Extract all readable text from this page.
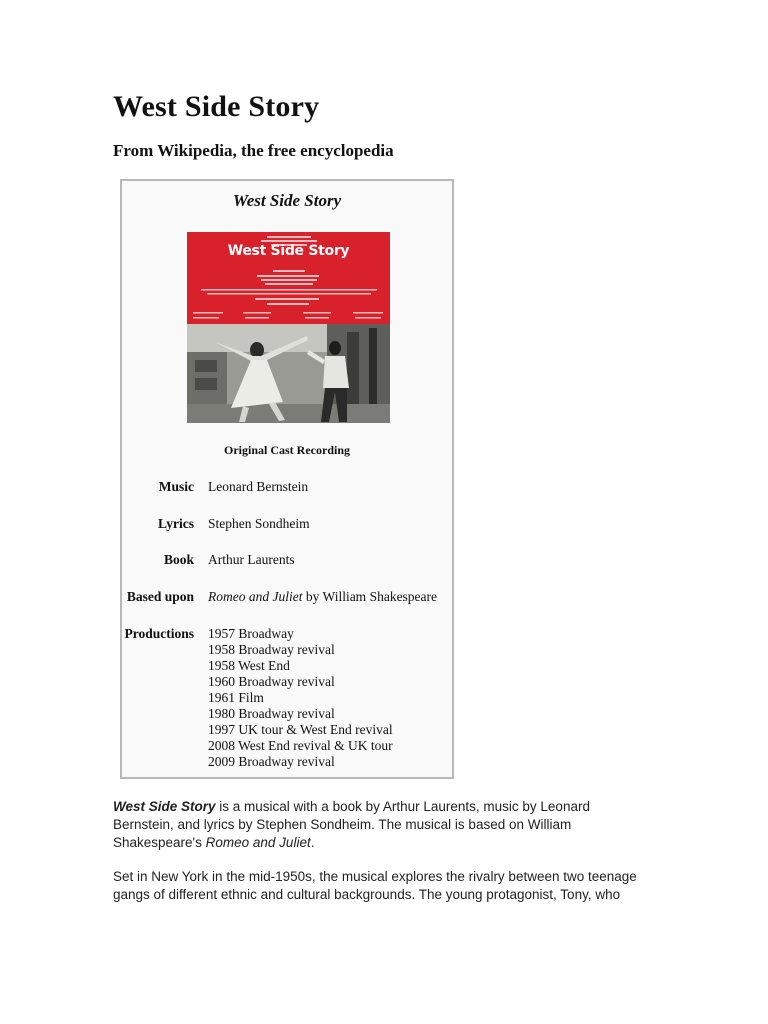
West Side Story
From Wikipedia, the free encyclopedia
West Side Story
West Side Story
Original Cast Recording
Music Leonard Bernstein
Lyrics Stephen Sondheim
Book Arthur Laurents
Based upon Romeo and Juliet by William Shakespeare
Productions 1957 Broadway
1958 Broadway revival
1958 West End
1960 Broadway revival
1961 Film
1980 Broadway revival
1997 UK tour & West End revival
2008 West End revival & UK tour
2009 Broadway revival

West Side Story is a musical with a book by Arthur Laurents, music by Leonard Bernstein, and lyrics by Stephen Sondheim. The musical is based on William Shakespeare's Romeo and Juliet.

Set in New York in the mid-1950s, the musical explores the rivalry between two teenage gangs of different ethnic and cultural backgrounds. The young protagonist, Tony, who
